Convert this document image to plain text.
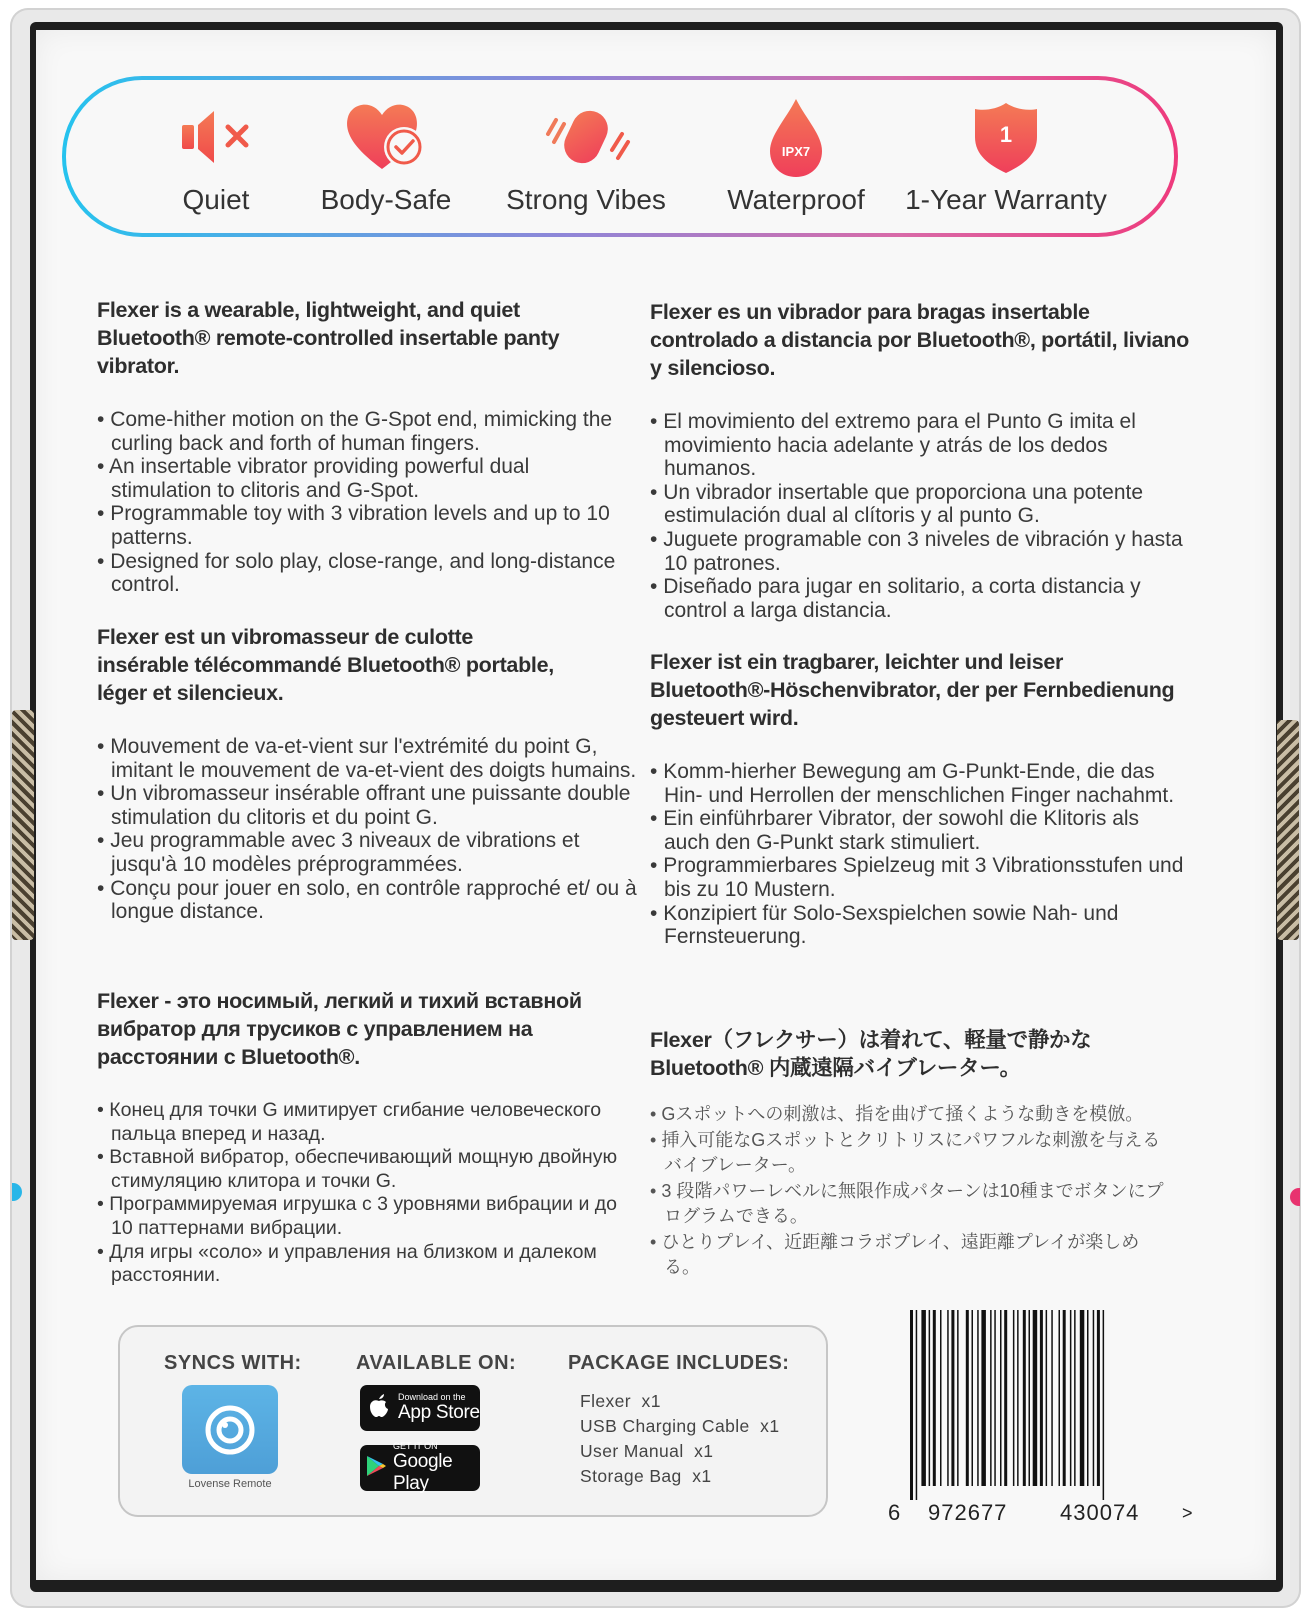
Quiet	Body-Safe	Strong Vibes
IPX7
Waterproof
1
1-Year Warranty

Flexer is a wearable, lightweight, and quiet Bluetooth® remote-controlled insertable panty vibrator.

• Come-hither motion on the G-Spot end, mimicking the curling back and forth of human fingers.
• An insertable vibrator providing powerful dual stimulation to clitoris and G-Spot.
• Programmable toy with 3 vibration levels and up to 10 patterns.
• Designed for solo play, close-range, and long-distance control.

Flexer es un vibrador para bragas insertable controlado a distancia por Bluetooth®, portátil, liviano y silencioso.

• El movimiento del extremo para el Punto G imita el movimiento hacia adelante y atrás de los dedos humanos.
• Un vibrador insertable que proporciona una potente estimulación dual al clítoris y al punto G.
• Juguete programable con 3 niveles de vibración y hasta 10 patrones.
• Diseñado para jugar en solitario, a corta distancia y control a larga distancia.

Flexer est un vibromasseur de culotte insérable télécommandé Bluetooth® portable, léger et silencieux.

• Mouvement de va-et-vient sur l'extrémité du point G, imitant le mouvement de va-et-vient des doigts humains.
• Un vibromasseur insérable offrant une puissante double stimulation du clitoris et du point G.
• Jeu programmable avec 3 niveaux de vibrations et jusqu'à 10 modèles préprogrammées.
• Conçu pour jouer en solo, en contrôle rapproché et/ ou à longue distance.

Flexer ist ein tragbarer, leichter und leiser Bluetooth®-Höschenvibrator, der per Fernbedienung gesteuert wird.

• Komm-hierher Bewegung am G-Punkt-Ende, die das Hin- und Herrollen der menschlichen Finger nachahmt.
• Ein einführbarer Vibrator, der sowohl die Klitoris als auch den G-Punkt stark stimuliert.
• Programmierbares Spielzeug mit 3 Vibrationsstufen und bis zu 10 Mustern.
• Konzipiert für Solo-Sexspielchen sowie Nah- und Fernsteuerung.

Flexer - это носимый, легкий и тихий вставной вибратор для трусиков с управлением на расстоянии с Bluetooth®.

• Конец для точки G имитирует сгибание человеческого пальца вперед и назад.
• Вставной вибратор, обеспечивающий мощную двойную стимуляцию клитора и точки G.
• Программируемая игрушка с 3 уровнями вибрации и до 10 паттернами вибрации.
• Для игры «соло» и управления на близком и далеком расстоянии.

Flexer（フレクサー）は着れて、軽量で静かなBluetooth® 内蔵遠隔バイブレーター。

• Gスポットへの刺激は、指を曲げて掻くような動きを模倣。
• 挿入可能なGスポットとクリトリスにパワフルな刺激を与えるバイブレーター。
• 3 段階パワーレベルに無限作成パターンは10種までボタンにプログラムできる。
• ひとりプレイ、近距離コラボプレイ、遠距離プレイが楽しめる。
SYNCS WITH:
Lovense Remote
AVAILABLE ON:
Download on the
App Store
GET IT ON
Google Play
PACKAGE INCLUDES:
Flexer  x1
USB Charging Cable  x1
User Manual  x1
Storage Bag  x1
6 972677 430074 >
